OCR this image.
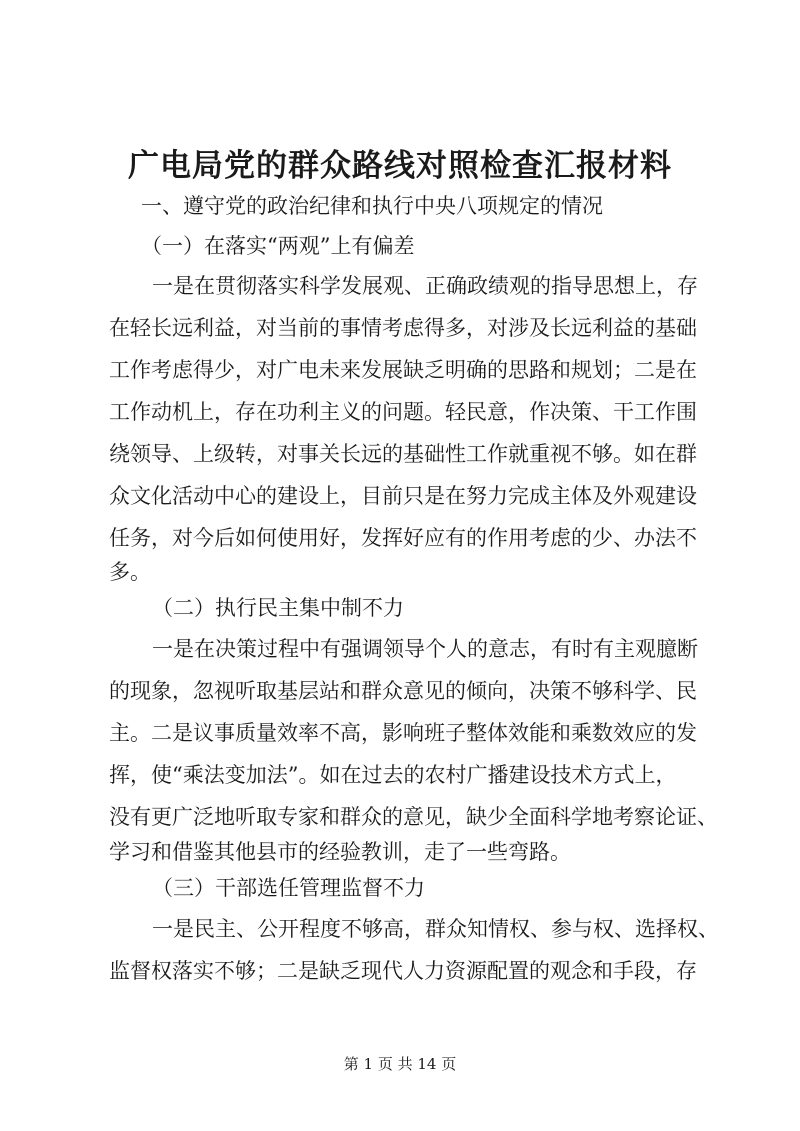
广电局党的群众路线对照检查汇报材料

一、遵守党的政治纪律和执行中央八项规定的情况

（一）在落实“两观”上有偏差

一是在贯彻落实科学发展观、正确政绩观的指导思想上，存

在轻长远利益，对当前的事情考虑得多，对涉及长远利益的基础

工作考虑得少，对广电未来发展缺乏明确的思路和规划；二是在

工作动机上，存在功利主义的问题。轻民意，作决策、干工作围

绕领导、上级转，对事关长远的基础性工作就重视不够。如在群

众文化活动中心的建设上，目前只是在努力完成主体及外观建设

任务，对今后如何使用好，发挥好应有的作用考虑的少、办法不

多。

（二）执行民主集中制不力

一是在决策过程中有强调领导个人的意志，有时有主观臆断

的现象，忽视听取基层站和群众意见的倾向，决策不够科学、民

主。二是议事质量效率不高，影响班子整体效能和乘数效应的发

挥，使“乘法变加法”。如在过去的农村广播建设技术方式上，

没有更广泛地听取专家和群众的意见，缺少全面科学地考察论证、

学习和借鉴其他县市的经验教训，走了一些弯路。

（三）干部选任管理监督不力

一是民主、公开程度不够高，群众知情权、参与权、选择权、

监督权落实不够；二是缺乏现代人力资源配置的观念和手段，存

第 1 页 共 14 页
